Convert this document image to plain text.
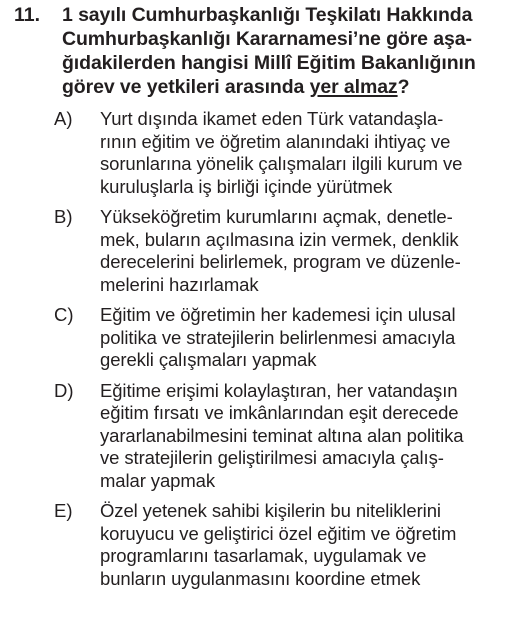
11.	1 sayılı Cumhurbaşkanlığı Teşkilatı Hakkında
Cumhurbaşkanlığı Kararnamesi’ne göre aşa-
ğıdakilerden hangisi Millî Eğitim Bakanlığının
görev ve yetkileri arasında yer almaz?
A)	Yurt dışında ikamet eden Türk vatandaşla-
rının eğitim ve öğretim alanındaki ihtiyaç ve
sorunlarına yönelik çalışmaları ilgili kurum ve
kuruluşlarla iş birliği içinde yürütmek
B)	Yükseköğretim kurumlarını açmak, denetle-
mek, buların açılmasına izin vermek, denklik
derecelerini belirlemek, program ve düzenle-
melerini hazırlamak
C)	Eğitim ve öğretimin her kademesi için ulusal
politika ve stratejilerin belirlenmesi amacıyla
gerekli çalışmaları yapmak
D)	Eğitime erişimi kolaylaştıran, her vatandaşın
eğitim fırsatı ve imkânlarından eşit derecede
yararlanabilmesini teminat altına alan politika
ve stratejilerin geliştirilmesi amacıyla çalış-
malar yapmak
E)	Özel yetenek sahibi kişilerin bu niteliklerini
koruyucu ve geliştirici özel eğitim ve öğretim
programlarını tasarlamak, uygulamak ve
bunların uygulanmasını koordine etmek
